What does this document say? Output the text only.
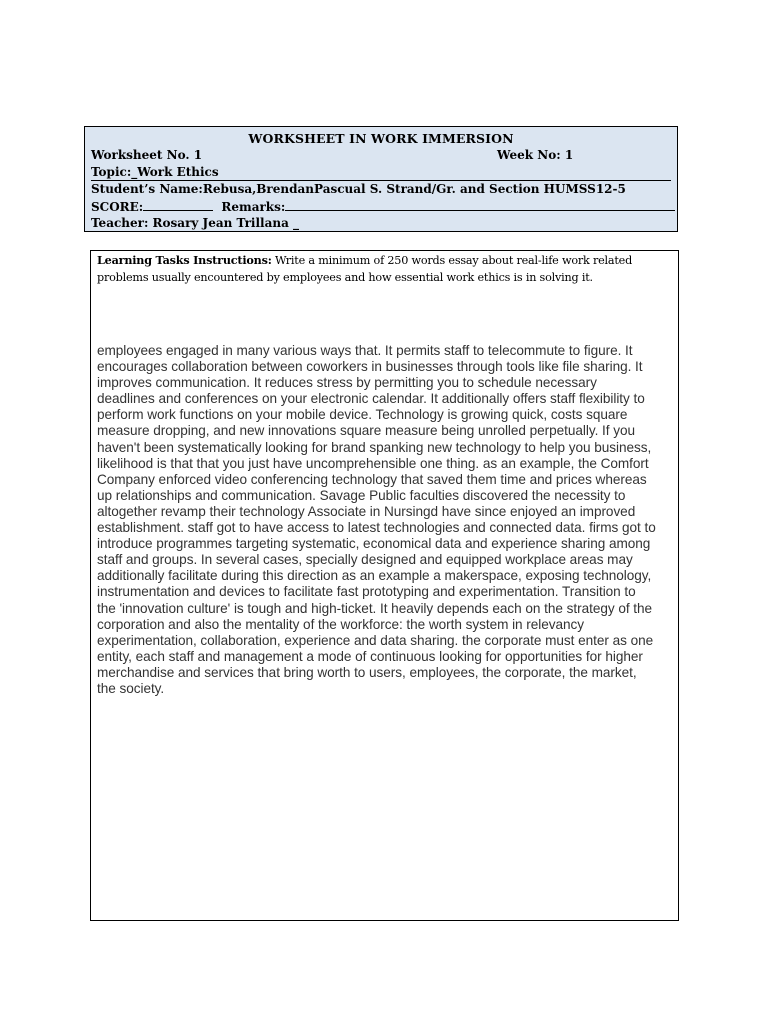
WORKSHEET IN WORK IMMERSION
Worksheet No. 1	Week No: 1
Topic:_Work Ethics
Student’s Name:Rebusa,BrendanPascual S. Strand/Gr. and Section HUMSS12-5
SCORE:	Remarks:
Teacher: Rosary Jean Trillana _
Learning Tasks Instructions: Write a minimum of 250 words essay about real-life work related problems usually encountered by employees and how essential work ethics is in solving it.
employees engaged in many various ways that. It permits staff to telecommute to figure. It
encourages collaboration between coworkers in businesses through tools like file sharing. It
improves communication. It reduces stress by permitting you to schedule necessary
deadlines and conferences on your electronic calendar. It additionally offers staff flexibility to
perform work functions on your mobile device. Technology is growing quick, costs square
measure dropping, and new innovations square measure being unrolled perpetually. If you
haven't been systematically looking for brand spanking new technology to help you business,
likelihood is that that you just have uncomprehensible one thing. as an example, the Comfort
Company enforced video conferencing technology that saved them time and prices whereas
up relationships and communication. Savage Public faculties discovered the necessity to
altogether revamp their technology Associate in Nursingd have since enjoyed an improved
establishment. staff got to have access to latest technologies and connected data. firms got to
introduce programmes targeting systematic, economical data and experience sharing among
staff and groups. In several cases, specially designed and equipped workplace areas may
additionally facilitate during this direction as an example a makerspace, exposing technology,
instrumentation and devices to facilitate fast prototyping and experimentation. Transition to
the 'innovation culture' is tough and high-ticket. It heavily depends each on the strategy of the
corporation and also the mentality of the workforce: the worth system in relevancy
experimentation, collaboration, experience and data sharing. the corporate must enter as one
entity, each staff and management a mode of continuous looking for opportunities for higher
merchandise and services that bring worth to users, employees, the corporate, the market,
the society.
